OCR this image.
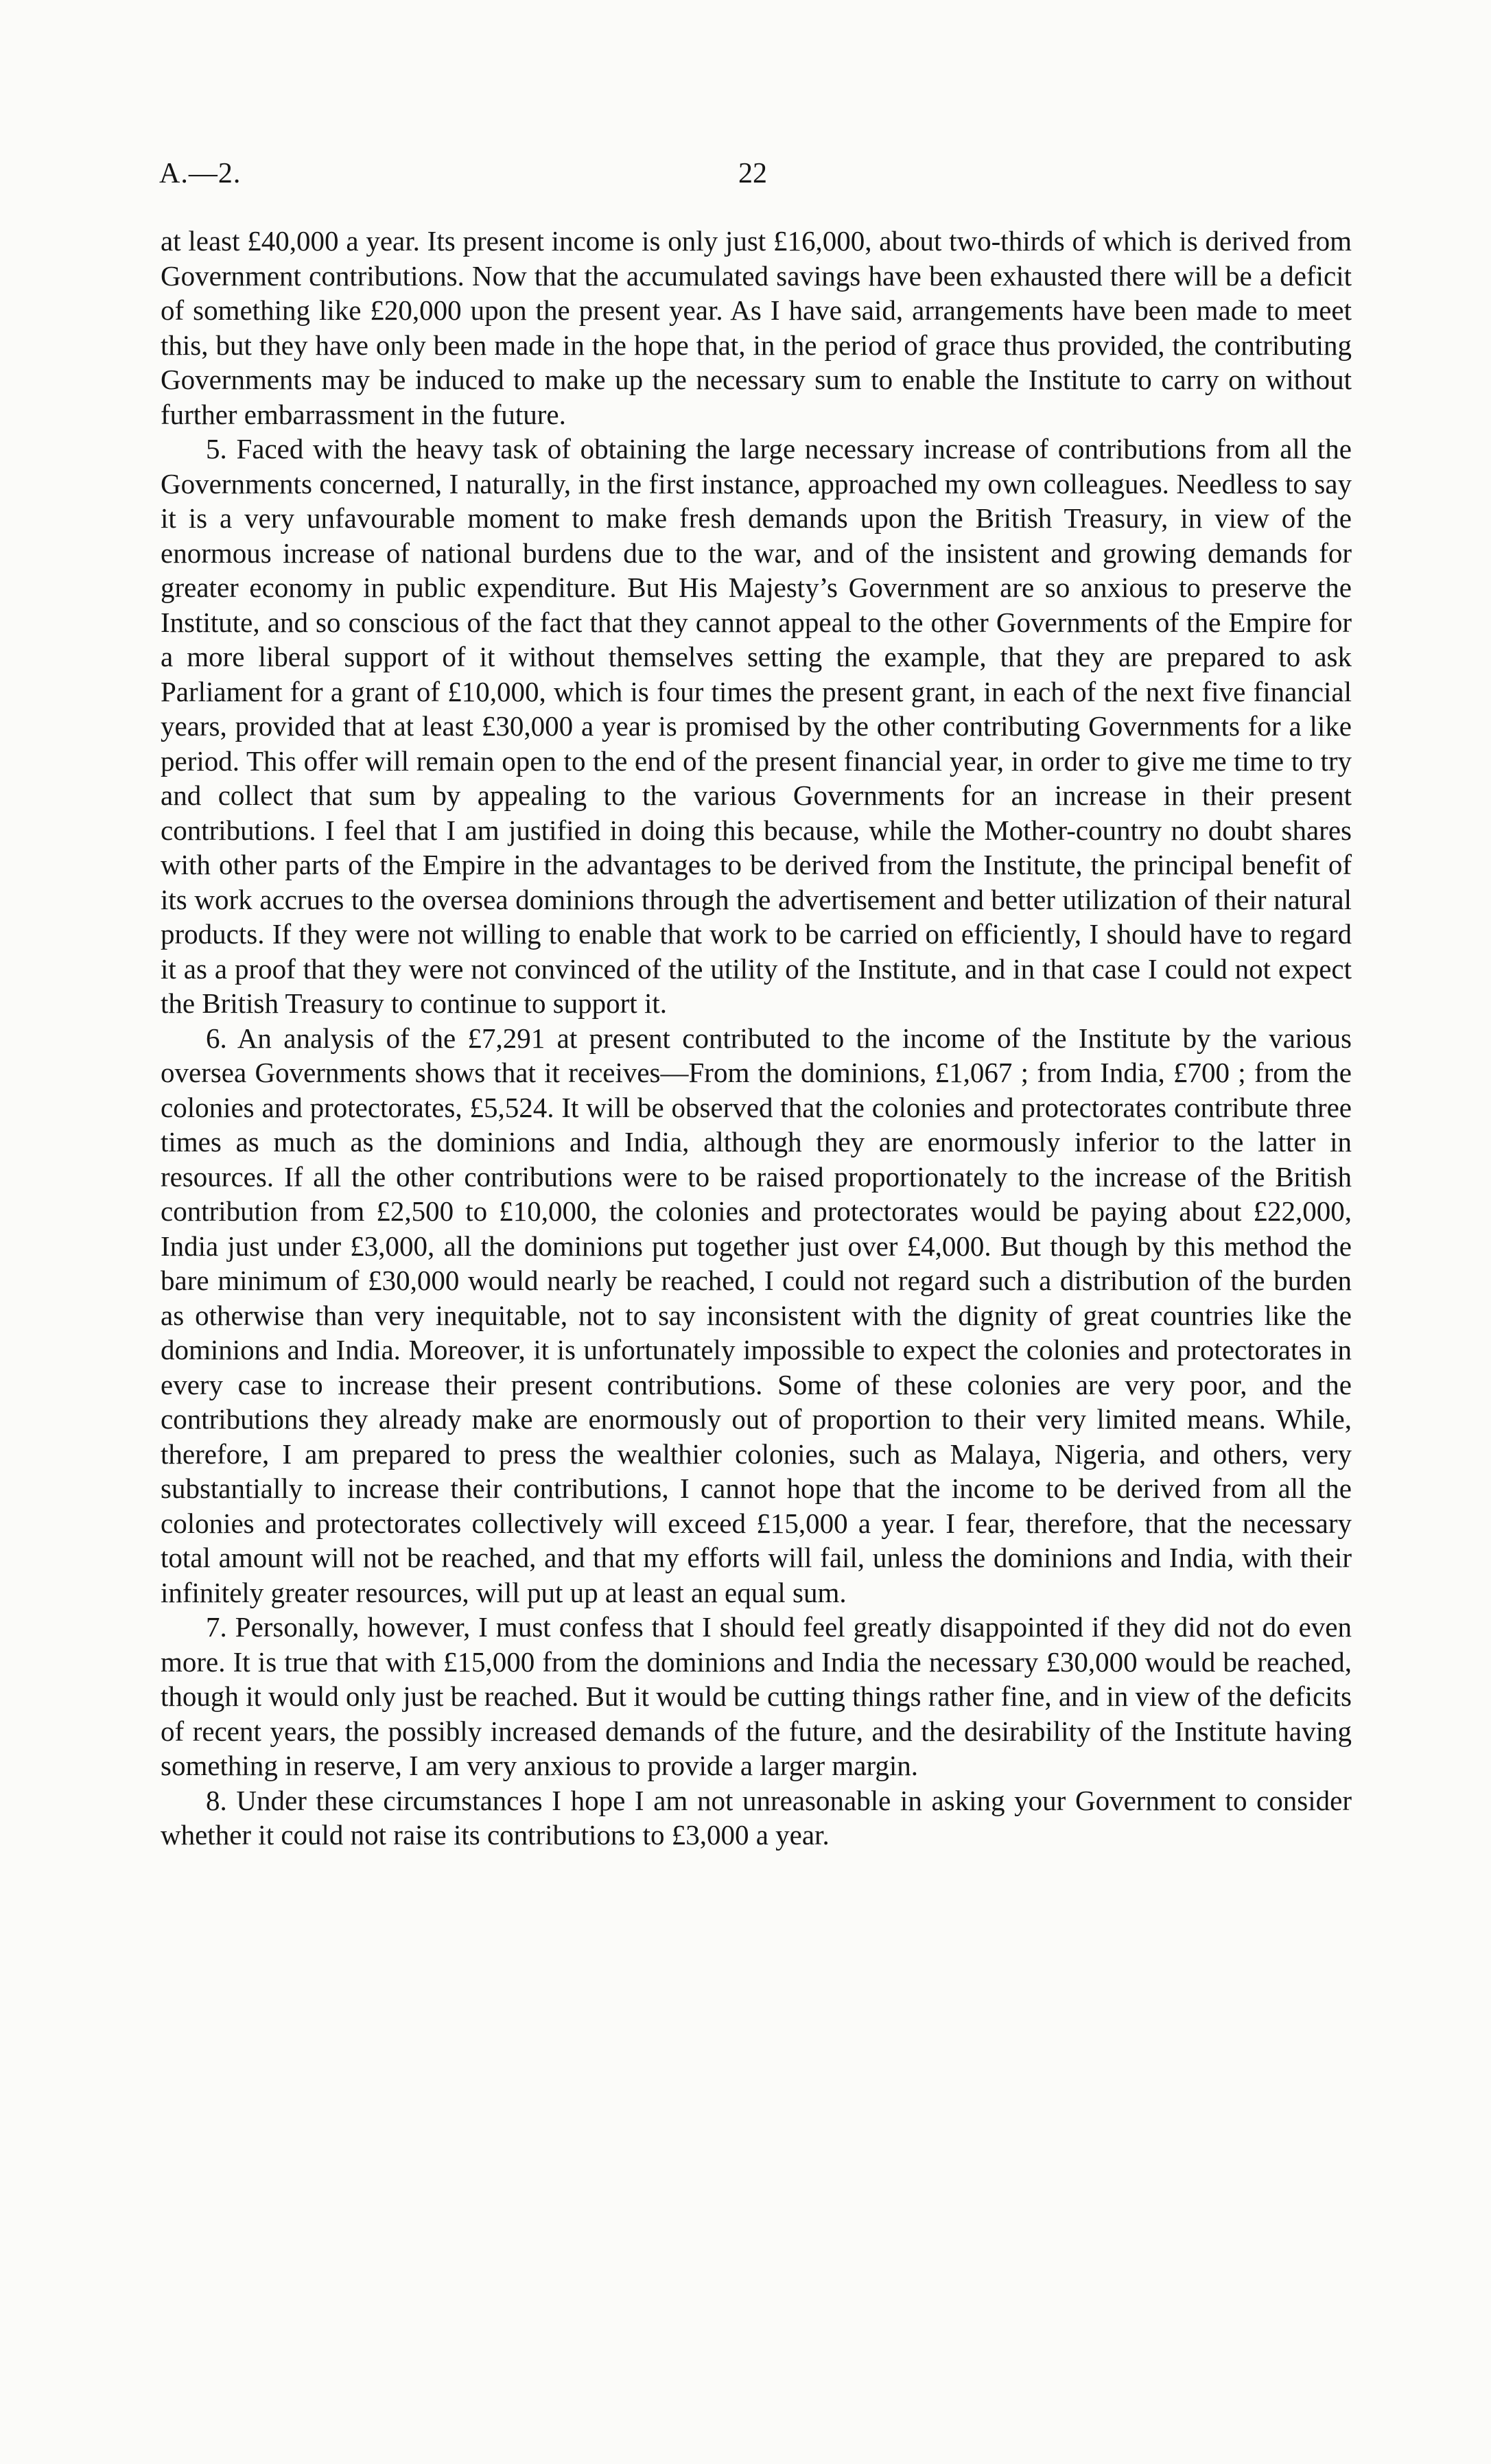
A.—2.	22

at least £40,000 a year. Its present income is only just £16,000, about two-thirds of which is derived from Government contributions. Now that the accumulated savings have been exhausted there will be a deficit of something like £20,000 upon the present year. As I have said, arrangements have been made to meet this, but they have only been made in the hope that, in the period of grace thus provided, the contributing Governments may be induced to make up the necessary sum to enable the Institute to carry on without further embarrassment in the future.

5. Faced with the heavy task of obtaining the large necessary increase of contributions from all the Governments concerned, I naturally, in the first instance, approached my own colleagues. Needless to say it is a very unfavourable moment to make fresh demands upon the British Treasury, in view of the enormous increase of national burdens due to the war, and of the insistent and growing demands for greater economy in public expenditure. But His Majesty’s Government are so anxious to preserve the Institute, and so conscious of the fact that they cannot appeal to the other Governments of the Empire for a more liberal support of it without themselves setting the example, that they are prepared to ask Parliament for a grant of £10,000, which is four times the present grant, in each of the next five financial years, provided that at least £30,000 a year is promised by the other contributing Governments for a like period. This offer will remain open to the end of the present financial year, in order to give me time to try and collect that sum by appealing to the various Governments for an increase in their present contributions. I feel that I am justified in doing this because, while the Mother-country no doubt shares with other parts of the Empire in the advantages to be derived from the Institute, the principal benefit of its work accrues to the oversea dominions through the advertisement and better utilization of their natural products. If they were not willing to enable that work to be carried on efficiently, I should have to regard it as a proof that they were not convinced of the utility of the Institute, and in that case I could not expect the British Treasury to continue to support it.

6. An analysis of the £7,291 at present contributed to the income of the Institute by the various oversea Governments shows that it receives—From the dominions, £1,067 ; from India, £700 ; from the colonies and protectorates, £5,524. It will be observed that the colonies and protectorates contribute three times as much as the dominions and India, although they are enormously inferior to the latter in resources. If all the other contributions were to be raised proportionately to the increase of the British contribution from £2,500 to £10,000, the colonies and protectorates would be paying about £22,000, India just under £3,000, all the dominions put together just over £4,000. But though by this method the bare minimum of £30,000 would nearly be reached, I could not regard such a distribution of the burden as otherwise than very inequitable, not to say inconsistent with the dignity of great countries like the dominions and India. Moreover, it is unfortunately impossible to expect the colonies and protectorates in every case to increase their present contributions. Some of these colonies are very poor, and the contributions they already make are enormously out of proportion to their very limited means. While, therefore, I am prepared to press the wealthier colonies, such as Malaya, Nigeria, and others, very substantially to increase their contributions, I cannot hope that the income to be derived from all the colonies and protectorates collectively will exceed £15,000 a year. I fear, therefore, that the necessary total amount will not be reached, and that my efforts will fail, unless the dominions and India, with their infinitely greater resources, will put up at least an equal sum.

7. Personally, however, I must confess that I should feel greatly disappointed if they did not do even more. It is true that with £15,000 from the dominions and India the necessary £30,000 would be reached, though it would only just be reached. But it would be cutting things rather fine, and in view of the deficits of recent years, the possibly increased demands of the future, and the desirability of the Institute having something in reserve, I am very anxious to provide a larger margin.

8. Under these circumstances I hope I am not unreasonable in asking your Government to consider whether it could not raise its contributions to £3,000 a year.
